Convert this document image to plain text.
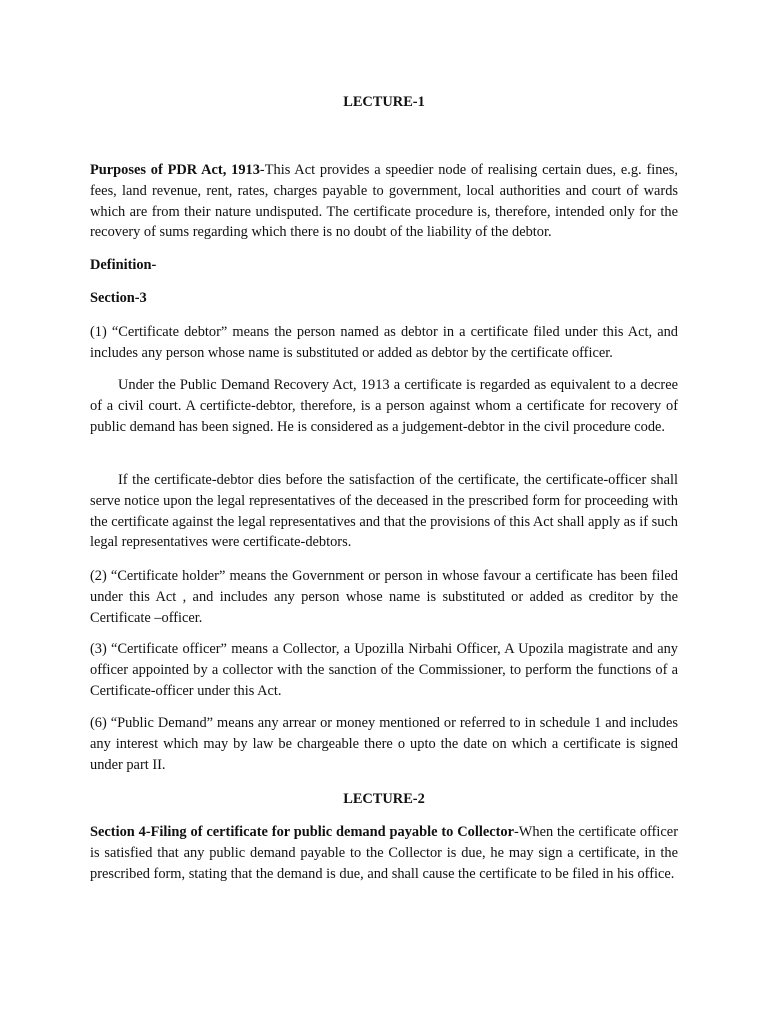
LECTURE-1

Purposes of PDR Act, 1913-This Act provides a speedier node of realising certain dues, e.g. fines, fees, land revenue, rent, rates, charges payable to government, local authorities and court of wards which are from their nature undisputed. The certificate procedure is, therefore, intended only for the recovery of sums regarding which there is no doubt of the liability of the debtor.

Definition-

Section-3

(1) “Certificate debtor” means the person named as debtor in a certificate filed under this Act, and includes any person whose name is substituted or added as debtor by the certificate officer.

Under the Public Demand Recovery Act, 1913 a certificate is regarded as equivalent to a decree of a civil court. A certificte-debtor, therefore, is a person against whom a certificate for recovery of public demand has been signed. He is considered as a judgement-debtor in the civil procedure code.

If the certificate-debtor dies before the satisfaction of the certificate, the certificate-officer shall serve notice upon the legal representatives of the deceased in the prescribed form for proceeding with the certificate against the legal representatives and that the provisions of this Act shall apply as if such legal representatives were certificate-debtors.

(2) “Certificate holder” means the Government or person in whose favour a certificate has been filed under this Act , and includes any person whose name is substituted or added as creditor by the Certificate –officer.

(3) “Certificate officer” means a Collector, a Upozilla Nirbahi Officer, A Upozila magistrate and any officer appointed by a collector with the sanction of the Commissioner, to perform the functions of a Certificate-officer under this Act.

(6) “Public Demand” means any arrear or money mentioned or referred to in schedule 1 and includes any interest which may by law be chargeable there o upto the date on which a certificate is signed under part II.

LECTURE-2

Section 4-Filing of certificate for public demand payable to Collector-When the certificate officer is satisfied that any public demand payable to the Collector is due, he may sign a certificate, in the prescribed form, stating that the demand is due, and shall cause the certificate to be filed in his office.
